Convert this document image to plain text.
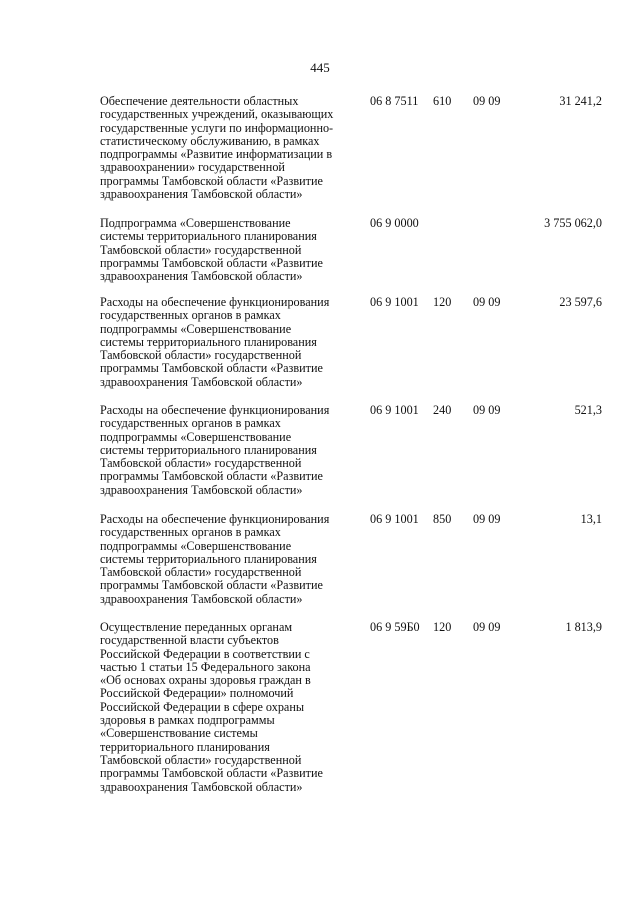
445
Обеспечение деятельности областных
государственных учреждений, оказывающих
государственные услуги по информационно-
статистическому обслуживанию, в рамках
подпрограммы «Развитие информатизации в
здравоохранении» государственной
программы Тамбовской области «Развитие
здравоохранения Тамбовской области»
06 8 7511 610 09 09	31 241,2
Подпрограмма «Совершенствование
системы территориального планирования
Тамбовской области» государственной
программы Тамбовской области «Развитие
здравоохранения Тамбовской области»
06 9 0000	3 755 062,0
Расходы на обеспечение функционирования
государственных органов в рамках
подпрограммы «Совершенствование
системы территориального планирования
Тамбовской области» государственной
программы Тамбовской области «Развитие
здравоохранения Тамбовской области»
06 9 1001 120 09 09	23 597,6
Расходы на обеспечение функционирования
государственных органов в рамках
подпрограммы «Совершенствование
системы территориального планирования
Тамбовской области» государственной
программы Тамбовской области «Развитие
здравоохранения Тамбовской области»
06 9 1001 240 09 09	521,3
Расходы на обеспечение функционирования
государственных органов в рамках
подпрограммы «Совершенствование
системы территориального планирования
Тамбовской области» государственной
программы Тамбовской области «Развитие
здравоохранения Тамбовской области»
06 9 1001 850 09 09	13,1
Осуществление переданных органам
государственной власти субъектов
Российской Федерации в соответствии с
частью 1 статьи 15 Федерального закона
«Об основах охраны здоровья граждан в
Российской Федерации» полномочий
Российской Федерации в сфере охраны
здоровья в рамках подпрограммы
«Совершенствование системы
территориального планирования
Тамбовской области» государственной
программы Тамбовской области «Развитие
здравоохранения Тамбовской области»
06 9 59Б0 120 09 09	1 813,9
